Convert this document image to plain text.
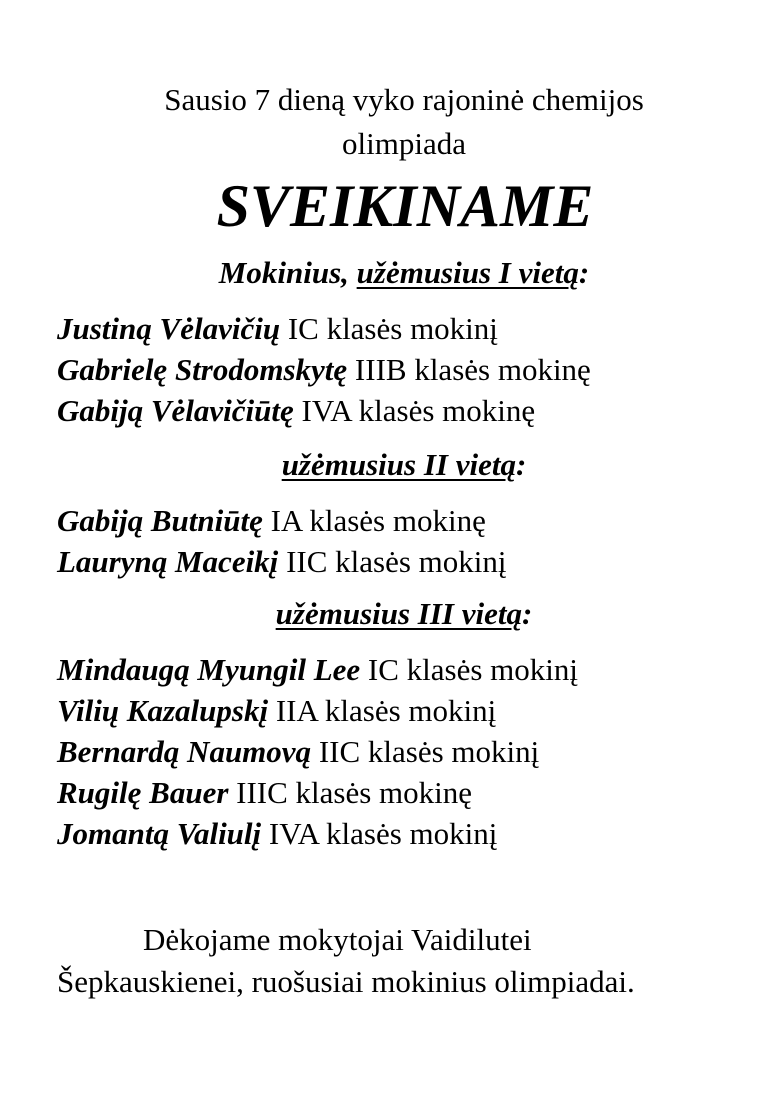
Sausio 7 dieną vyko rajoninė chemijos
olimpiada
SVEIKINAME
Mokinius, užėmusius I vietą:
Justiną Vėlavičių IC klasės mokinį
Gabrielę Strodomskytę IIIB klasės mokinę
Gabiją Vėlavičiūtę IVA klasės mokinę
užėmusius II vietą:
Gabiją Butniūtę IA klasės mokinę
Lauryną Maceikį IIC klasės mokinį
užėmusius III vietą:
Mindaugą Myungil Lee IC klasės mokinį
Vilių Kazalupskį IIA klasės mokinį
Bernardą Naumovą IIC klasės mokinį
Rugilę Bauer IIIC klasės mokinę
Jomantą Valiulį IVA klasės mokinį
Dėkojame mokytojai Vaidilutei
Šepkauskienei, ruošusiai mokinius olimpiadai.
